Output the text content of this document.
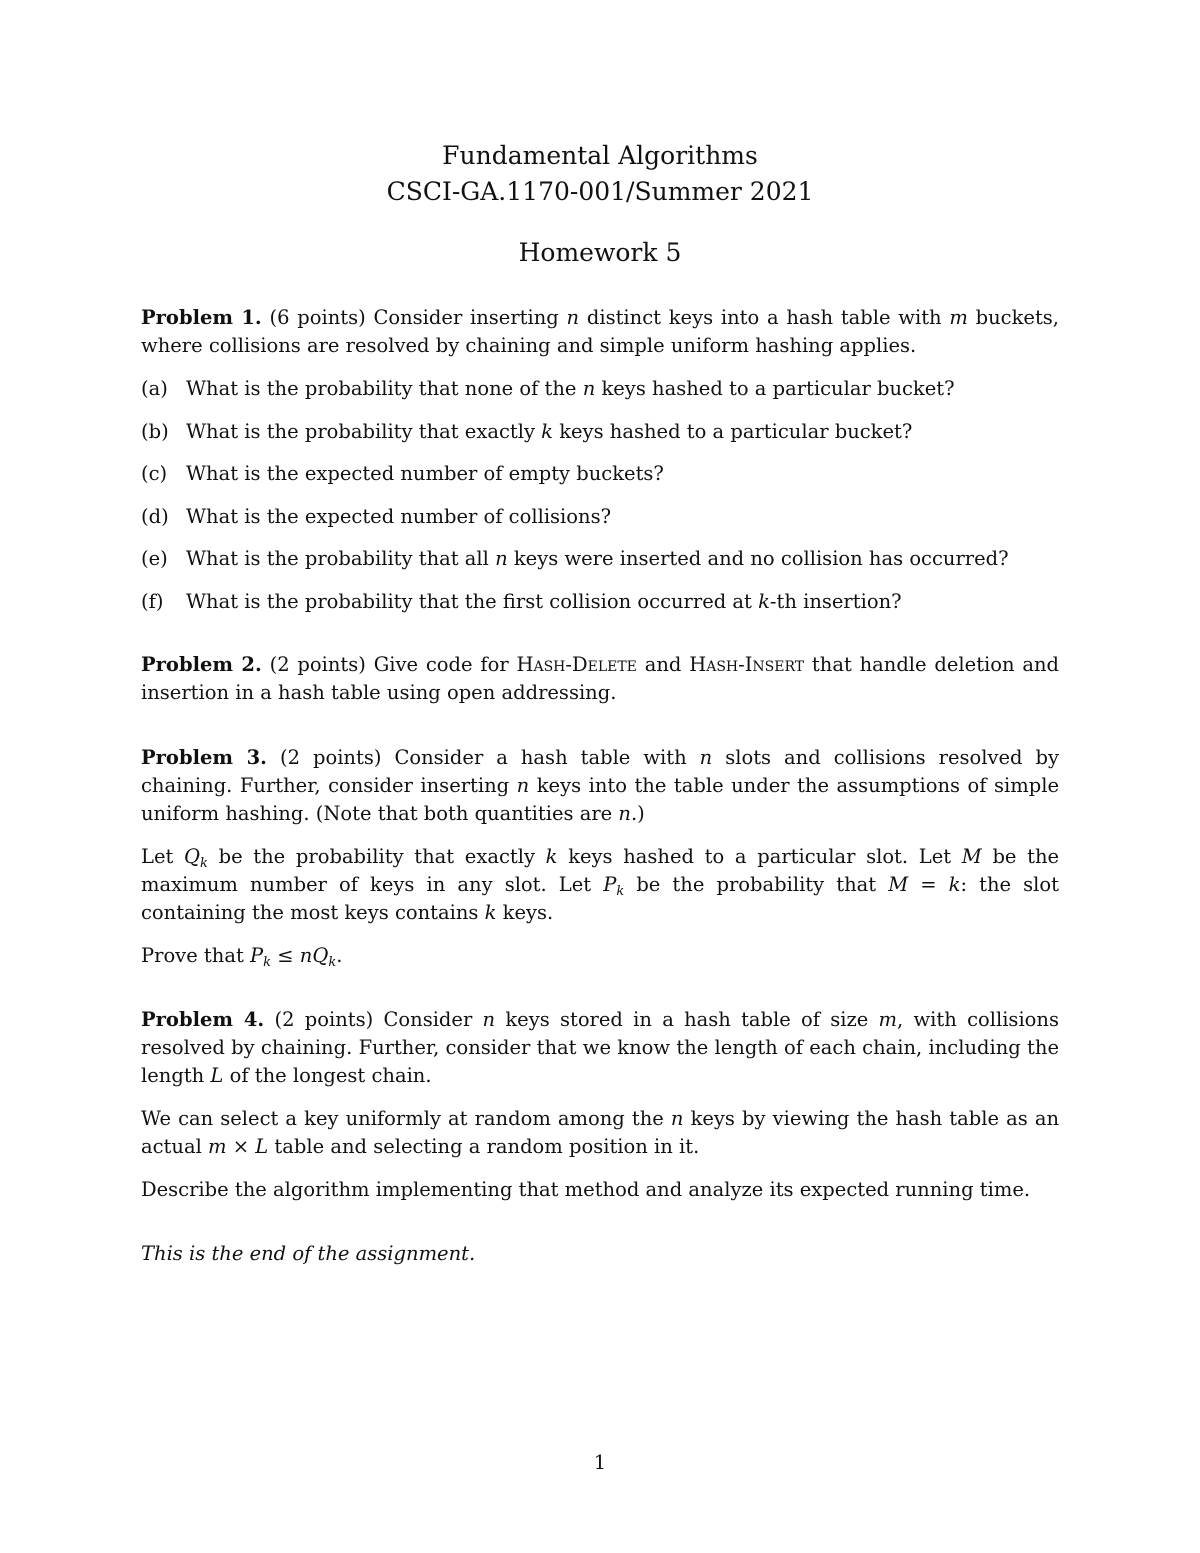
Fundamental Algorithms
CSCI-GA.1170-001/Summer 2021
Homework 5

Problem 1. (6 points) Consider inserting n distinct keys into a hash table with m buckets, where collisions are resolved by chaining and simple uniform hashing applies.

(a) What is the probability that none of the n keys hashed to a particular bucket?
(b) What is the probability that exactly k keys hashed to a particular bucket?
(c) What is the expected number of empty buckets?
(d) What is the expected number of collisions?
(e) What is the probability that all n keys were inserted and no collision has occurred?
(f) What is the probability that the first collision occurred at k-th insertion?

Problem 2. (2 points) Give code for Hash-Delete and Hash-Insert that handle deletion and insertion in a hash table using open addressing.

Problem 3. (2 points) Consider a hash table with n slots and collisions resolved by chaining. Further, consider inserting n keys into the table under the assumptions of simple uniform hashing. (Note that both quantities are n.)

Let $Q_k$ be the probability that exactly k keys hashed to a particular slot. Let M be the maximum number of keys in any slot. Let $P_k$ be the probability that M = k: the slot containing the most keys contains k keys.

Prove that $P_k \le nQ_k$.

Problem 4. (2 points) Consider n keys stored in a hash table of size m, with collisions resolved by chaining. Further, consider that we know the length of each chain, including the length L of the longest chain.

We can select a key uniformly at random among the n keys by viewing the hash table as an actual m × L table and selecting a random position in it.

Describe the algorithm implementing that method and analyze its expected running time.

This is the end of the assignment.
1
